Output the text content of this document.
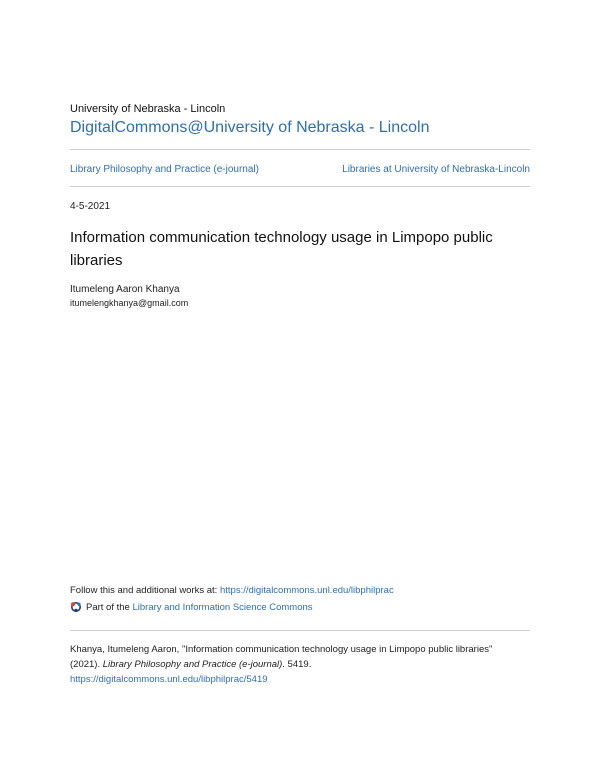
University of Nebraska - Lincoln
DigitalCommons@University of Nebraska - Lincoln
Library Philosophy and Practice (e-journal)	Libraries at University of Nebraska-Lincoln
4-5-2021
Information communication technology usage in Limpopo public libraries
Itumeleng Aaron Khanya
itumelengkhanya@gmail.com
Follow this and additional works at: https://digitalcommons.unl.edu/libphilprac
Part of the
Library and Information Science Commons
Khanya, Itumeleng Aaron, "Information communication technology usage in Limpopo public libraries"
(2021). Library Philosophy and Practice (e-journal). 5419.
https://digitalcommons.unl.edu/libphilprac/5419
